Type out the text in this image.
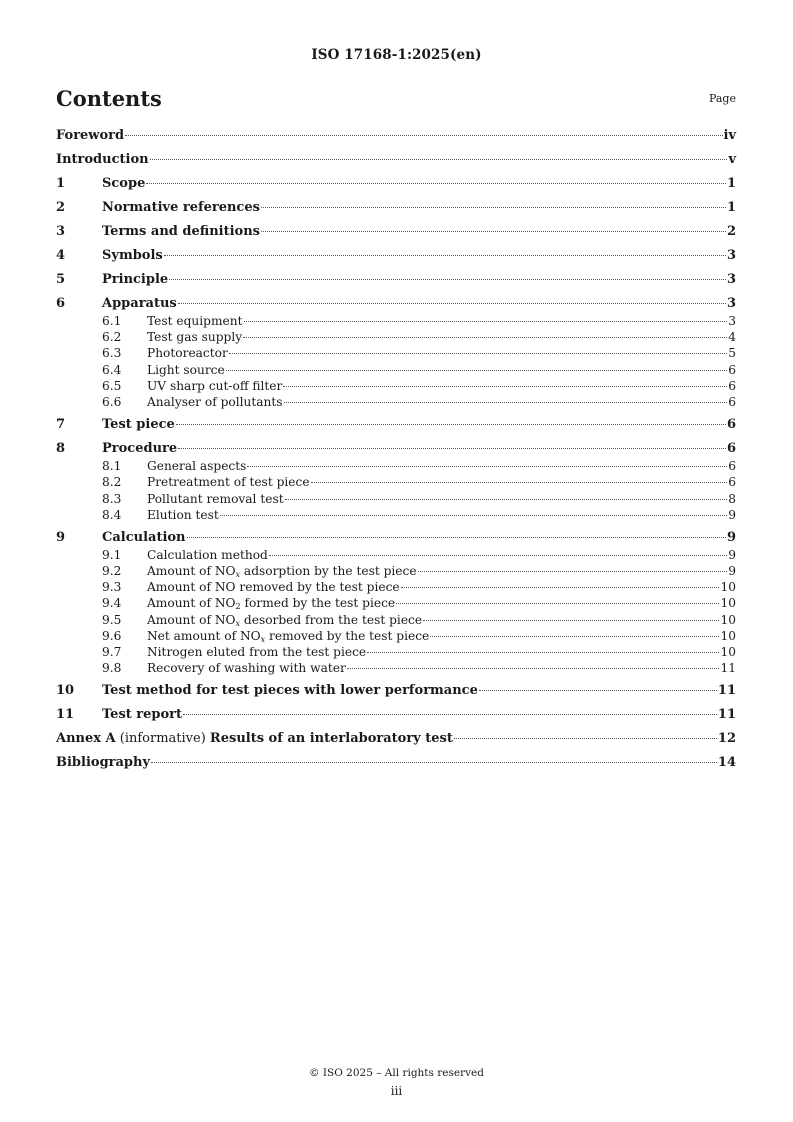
ISO 17168-1:2025(en)
Contents	Page
Foreword	iv
Introduction	v
1	Scope	1
2	Normative references	1
3	Terms and definitions	2
4	Symbols	3
5	Principle	3
6	Apparatus	3
6.1	Test equipment	3
6.2	Test gas supply	4
6.3	Photoreactor	5
6.4	Light source	6
6.5	UV sharp cut-off filter	6
6.6	Analyser of pollutants	6
7	Test piece	6
8	Procedure	6
8.1	General aspects	6
8.2	Pretreatment of test piece	6
8.3	Pollutant removal test	8
8.4	Elution test	9
9	Calculation	9
9.1	Calculation method	9
9.2	Amount of $NO_x$ adsorption by the test piece	9
9.3	Amount of NO removed by the test piece	10
9.4	Amount of $NO_2$ formed by the test piece	10
9.5	Amount of $NO_x$ desorbed from the test piece	10
9.6	Net amount of $NO_x$ removed by the test piece	10
9.7	Nitrogen eluted from the test piece	10
9.8	Recovery of washing with water	11
10	Test method for test pieces with lower performance	11
11	Test report	11
Annex A (informative) Results of an interlaboratory test	12
Bibliography	14
© ISO 2025 – All rights reserved
iii
